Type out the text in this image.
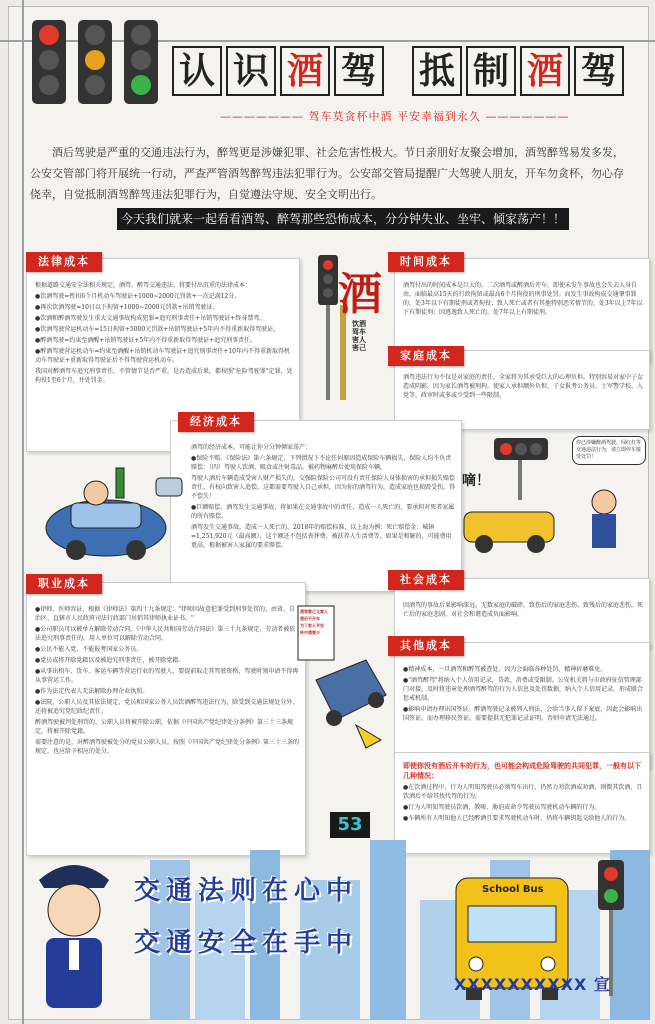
认 识 酒 驾 抵 制 酒 驾
——————— 驾车莫贪杯中酒 平安幸福到永久 ———————
酒后驾驶是严重的交通违法行为，醉驾更是涉嫌犯罪、社会危害性极大。节日亲朋好友聚会增加，酒驾醉驾易发多发，公安交管部门将开展统一行动，严查严管酒驾醉驾违法犯罪行为。公安部交管局提醒广大驾驶人朋友，开车勿贪杯，勿心存侥幸，自觉抵制酒驾醉驾违法犯罪行为，自觉遵法守规、安全文明出行。
今天我们就来一起看看酒驾、醉驾那些恐怖成本，分分钟失业、坐牢、倾家荡产！！

根据道路交通安全法相关规定，酒驾、醉驾交通违法，将要付出沉重的法律成本：

●饮酒驾驶=暂扣6个月机动车驾驶证+1000~2000元罚款+一次记满12分。

●再次饮酒驾驶=10日以下拘留+1000~2000元罚款+吊销驾驶证。

●饮酒和醉酒驾驶发生重大交通事故构成犯罪=追究刑事责任+吊销驾驶证+终身禁驾。

●饮酒驾驶营运机动车=15日拘留+5000元罚款+吊销驾驶证+5年内不得重新取得驾驶证。

●醉酒驾驶=约束至酒醒+吊销驾驶证+5年内不得重新取得驾驶证+追究刑事责任。

●醉酒驾驶营运机动车=约束至酒醒+吊销机动车驾驶证+追究刑事责任+10年内不得重新取得机动车驾驶证+重新取得驾驶证后不得驾驶营运机动车。

我国对醉酒驾车追究刑事责任，不管情节是否严重，是否造成后果，都按照"危险驾驶罪"定罪，处拘役1至6个月，并处罚金。

法律成本
酒
饮酒驾车害人害己

酒驾付出的时间成本是巨大的。二次酒驾或醉酒后开车，即使未发生事故也会失去人身自由，面临最高15天的行政拘留或最高6个月拘役的刑事处罚。而发生事故构成交通肇事罪的，处3年以下有期徒刑或者拘役；致人死亡或者有其他特别恶劣情节的，处3年以上7年以下有期徒刑；因逃逸致人死亡的，处7年以上有期徒刑。

时间成本

酒驾违法行为不仅是对家庭的责任，全家将为其承受巨大的心理负担。特别容易对家中子女造成阴影，因为家长酒驾被刑拘，使家人承担额外负担，子女报考公务员、士军警学校、入党等，政审时或多或少受到一些限制。

家庭成本

酒驾的经济成本，可能让你分分钟倾家荡产：

●保险不赔。《保险法》第六条规定，下列情况下不论任何原因造成保险车辆损失，保险人均不负责赔偿：（四）驾驶人饮酒、吸食或注射毒品、被药物麻醉后使用保险车辆。

驾驶人酒后车辆造成受害人财产损失的，交强险保险公司可没有责任保险人身体损害的承担损失赔偿责任，有权向致害人追偿。这都需要驾驶人自己承担，因为你的酒驾行为，造成家庭也损毁受伤，得不偿失！

●巨额赔偿。酒驾发生交通事故，将如果在交通事故中的责任，造成一人死亡的，要承担对死者家属的所有赔偿。

酒驾发生交通事故，造成一人死亡的，2018年的赔偿标准，以上海为例：死亡赔偿金：城镇=1,251,920元（最高额），这个额还不包括丧葬费、被扶养人生活费等。如果是和解的，可能费用更高，根据被害人家属的要求赔偿。

经济成本
你已涉嫌醉酒驾驶，闯红灯等交通违法行为，请立即停车接受处罚！
嘀！

●律师、医师容证，根据《律师法》第四十九条规定："律师因故意犯罪受到刑事处罚的，由省、自治区、直辖市人民政府司法行政部门吊销其律师执业证书。"

●公司职员可以被单方解除劳动合同。《中华人民共和国劳动合同法》第三十九条规定，劳动者被依法追究刑事责任的，用人单位可以解除劳动合同。

●公民不能入党、不能报考国家公务员。

●党员或将开除党籍以及被追究刑事责任，被开除党籍。

●从事出租车、货车、客运车辆等营运行业的驾驶人，要提前取走其驾驶资格，驾驶时须申请不得再从事营运工作。

●作为法定代表人无法解除办理企业执照。

●法院、公职人员及其依法规定，党员和国家公务人员饮酒醉驾违法行为，除受到交通法规处分外，还将被追究党纪政纪责任。

醉酒驾驶被判处刑罚的，公职人员将被开除公职，依据《中国共产党纪律处分条例》第三十三条规定，将被开除党籍。

需要注意的是，对醉酒驾驶被处分的党员公职人员，按照《中国共产党纪律处分条例》第三十三条的规定，也应给予相应的处分。

职业成本

因酒驾的事故后果影响深远，无数家庭的破碎，致伤后的家庭悲伤、致残后的家庭悲伤，死亡后的家庭悲剧，对社会和谐造成负面影响。

社会成本
酒驾害己又害人
酒后不开车
为了家人平安
杯中酒要少

●精神成本，一旦酒驾和醉驾被查处，因为会面临各种处罚，精神折磨难免。

●"酒驾醉驾"将纳入个人信用记录，贷款、消费或受限制。公安机关将与市政府征信管理部门对接，及时将违章处理酒驾醉驾的行为人信息及处罚数据，纳入个人信用记录，形成联合惩戒机制。

●影响申请办理出国签证。醉酒驾驶记录被列入刑法，会给当事人留下案底，因此会影响出国签证，而办理移民签证，需要提供无犯罪记录证明，否则申请无法通过。

其他成本

即使你没有酒后开车的行为，也可能会构成危险驾驶的共同犯罪，一般有以下几种情况：

●在饮酒过程中，行为人明知驾驶员必须驾车出行，仍然力劝饮酒或劝酒，则微其饮酒，且饮酒后不给其找代驾的行为。

●行为人明知驾驶员饮酒，教唆、胁迫或命令驾驶员驾驶机动车辆的行为。

●车辆所有人明知他人已经醉酒且要求驾驶机动车时，仍将车辆钥匙交给他人的行为。

53
School Bus
交通法则在心中
交通安全在手中
XXXXXXXXXX 宣
